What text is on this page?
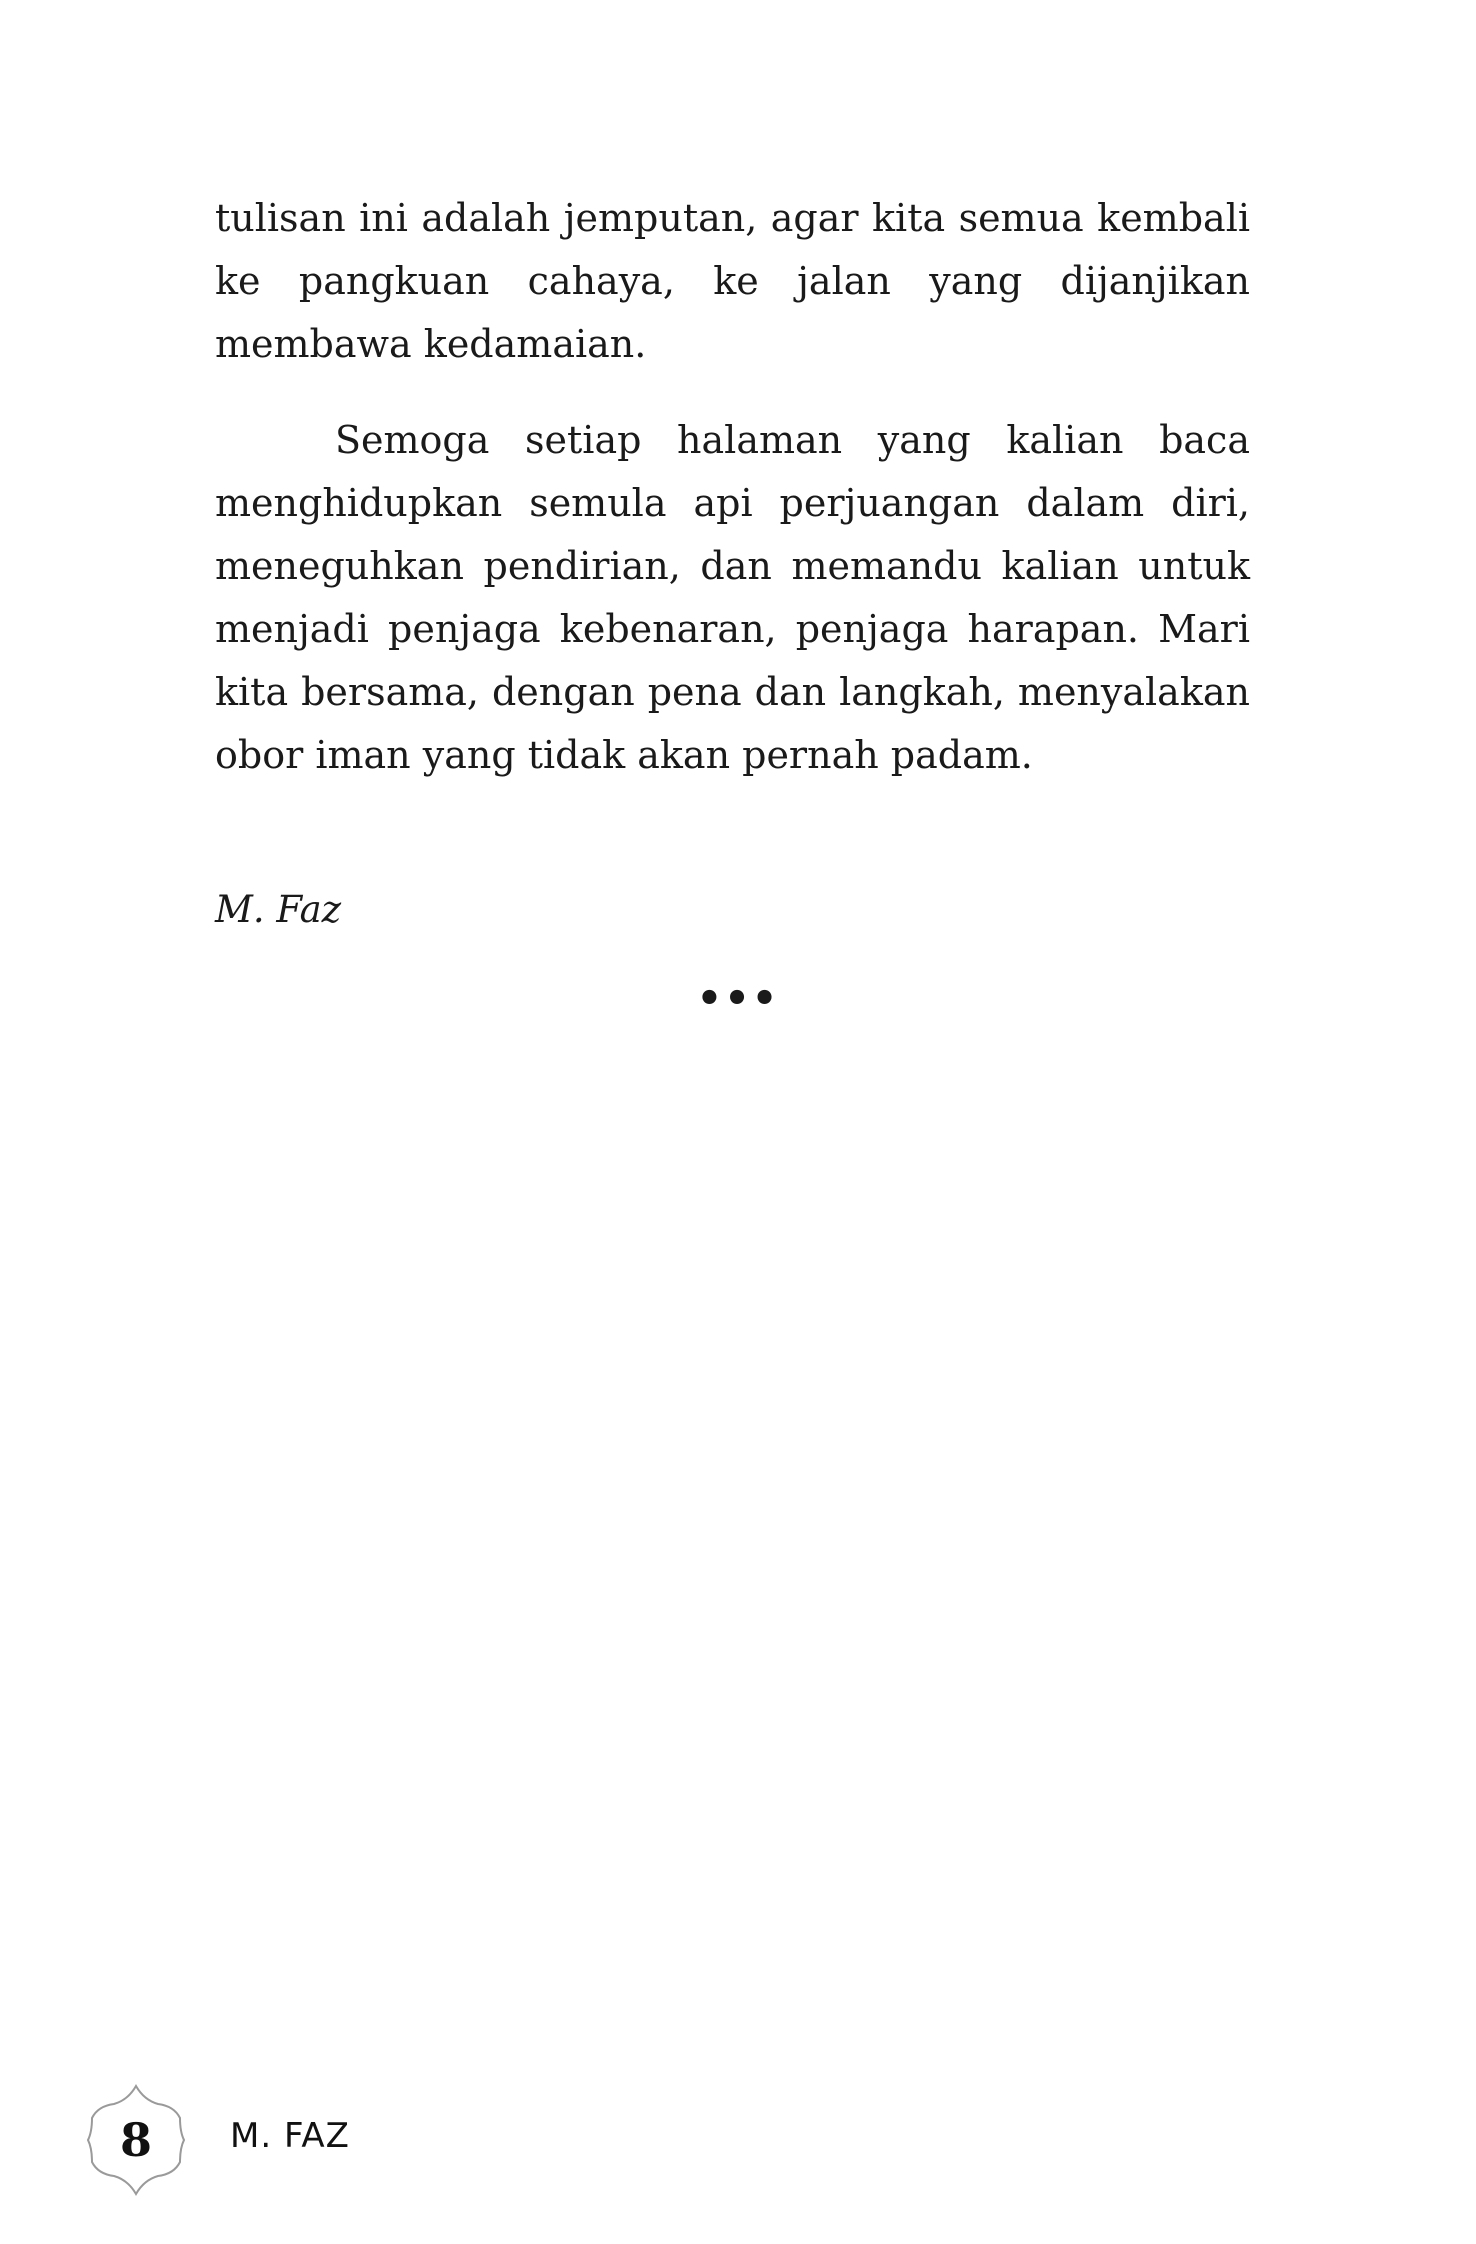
tulisan ini adalah jemputan, agar kita semua kembali ke pangkuan cahaya, ke jalan yang dijanjikan membawa kedamaian.

Semoga setiap halaman yang kalian baca menghidupkan semula api perjuangan dalam diri, meneguhkan pendirian, dan memandu kalian untuk menjadi penjaga kebenaran, penjaga harapan. Mari kita bersama, dengan pena dan langkah, menyalakan obor iman yang tidak akan pernah padam.

M. Faz

•••

8	M. FAZ
